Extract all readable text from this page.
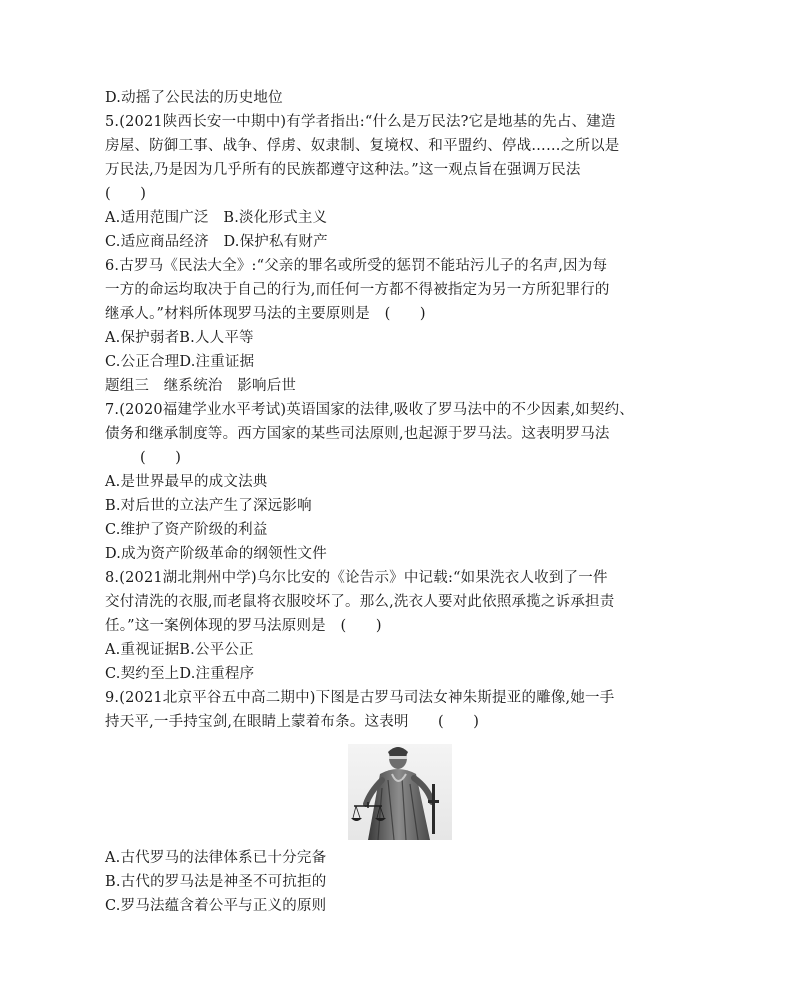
D.动摇了公民法的历史地位
5.(2021陕西长安一中期中)有学者指出:“什么是万民法?它是地基的先占、建造
房屋、防御工事、战争、俘虏、奴隶制、复境权、和平盟约、停战……之所以是
万民法,乃是因为几乎所有的民族都遵守这种法。”这一观点旨在强调万民法
(　　)
A.适用范围广泛　B.淡化形式主义
C.适应商品经济　D.保护私有财产
6.古罗马《民法大全》:“父亲的罪名或所受的惩罚不能玷污儿子的名声,因为每
一方的命运均取决于自己的行为,而任何一方都不得被指定为另一方所犯罪行的
继承人。”材料所体现罗马法的主要原则是　(　　)
A.保护弱者B.人人平等
C.公正合理D.注重证据
题组三　继系统治　影响后世
7.(2020福建学业水平考试)英语国家的法律,吸收了罗马法中的不少因素,如契约、
债务和继承制度等。西方国家的某些司法原则,也起源于罗马法。这表明罗马法
(　　)
A.是世界最早的成文法典
B.对后世的立法产生了深远影响
C.维护了资产阶级的利益
D.成为资产阶级革命的纲领性文件
8.(2021湖北荆州中学)乌尔比安的《论告示》中记载:“如果洗衣人收到了一件
交付清洗的衣服,而老鼠将衣服咬坏了。那么,洗衣人要对此依照承揽之诉承担责
任。”这一案例体现的罗马法原则是　(　　)
A.重视证据B.公平公正
C.契约至上D.注重程序
9.(2021北京平谷五中高二期中)下图是古罗马司法女神朱斯提亚的雕像,她一手
持天平,一手持宝剑,在眼睛上蒙着布条。这表明　　(　　)
A.古代罗马的法律体系已十分完备
B.古代的罗马法是神圣不可抗拒的
C.罗马法蕴含着公平与正义的原则
